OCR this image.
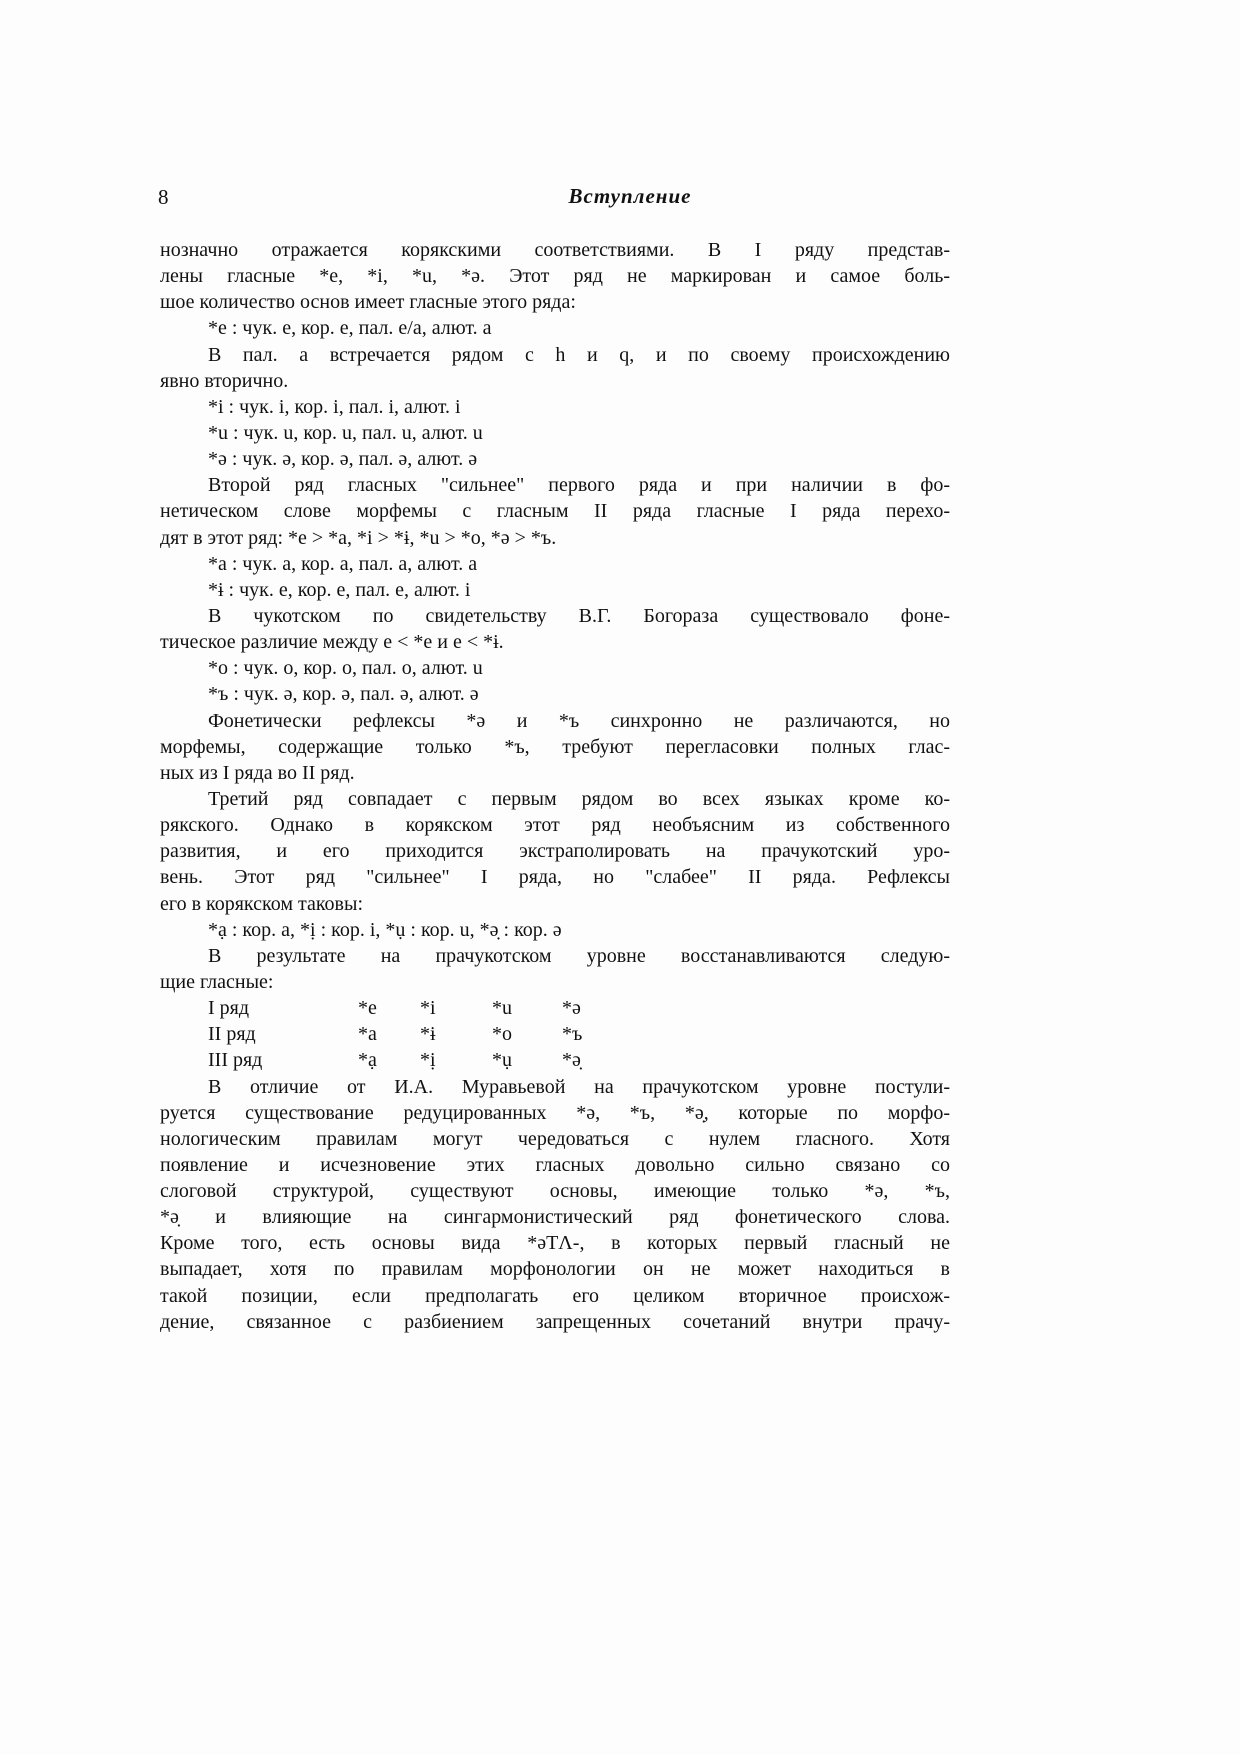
8	Вступление
нозначно отражается корякскими соответствиями. В I ряду представ-
лены гласные *e, *i, *u, *ə. Этот ряд не маркирован и самое боль-
шое количество основ имеет гласные этого ряда:
*e : чук. e, кор. e, пал. e/a, алют. a
В пал. a встречается рядом с h и q, и по своему происхождению
явно вторично.
*i : чук. i, кор. i, пал. i, алют. i
*u : чук. u, кор. u, пал. u, алют. u
*ə : чук. ə, кор. ə, пал. ə, алют. ə
Второй ряд гласных "сильнее" первого ряда и при наличии в фо-
нетическом слове морфемы с гласным II ряда гласные I ряда перехо-
дят в этот ряд: *e > *a, *i > *ɨ, *u > *o, *ə > *ъ.
*a : чук. a, кор. a, пал. a, алют. a
*ɨ : чук. e, кор. e, пал. e, алют. i
В чукотском по свидетельству В.Г. Богораза существовало фоне-
тическое различие между e < *e и e < *ɨ.
*o : чук. o, кор. o, пал. o, алют. u
*ъ : чук. ə, кор. ə, пал. ə, алют. ə
Фонетически рефлексы *ə и *ъ синхронно не различаются, но
морфемы, содержащие только *ъ, требуют перегласовки полных глас-
ных из I ряда во II ряд.
Третий ряд совпадает с первым рядом во всех языках кроме ко-
рякского. Однако в корякском этот ряд необъясним из собственного
развития, и его приходится экстраполировать на прачукотский уро-
вень. Этот ряд "сильнее" I ряда, но "слабее" II ряда. Рефлексы
его в корякском таковы:
*ạ : кор. a, *ị : кор. i, *ụ : кор. u, *ə̣ : кор. ə
В результате на прачукотском уровне восстанавливаются следую-
щие гласные:
I ряд	*e *i	*u	*ə
II ряд	*a *ɨ	*o	*ъ
III ряд	*ạ *ị	*ụ	*ə̣
В отличие от И.А. Муравьевой на прачукотском уровне постули-
руется существование редуцированных *ə, *ъ, *ə̣, которые по морфо-
нологическим правилам могут чередоваться с нулем гласного. Хотя
появление и исчезновение этих гласных довольно сильно связано со
слоговой структурой, существуют основы, имеющие только *ə, *ъ,
*ə̣ и влияющие на сингармонистический ряд фонетического слова.
Кроме того, есть основы вида *əTΛ-, в которых первый гласный не
выпадает, хотя по правилам морфонологии он не может находиться в
такой позиции, если предполагать его целиком вторичное происхож-
дение, связанное с разбиением запрещенных сочетаний внутри прачу-
